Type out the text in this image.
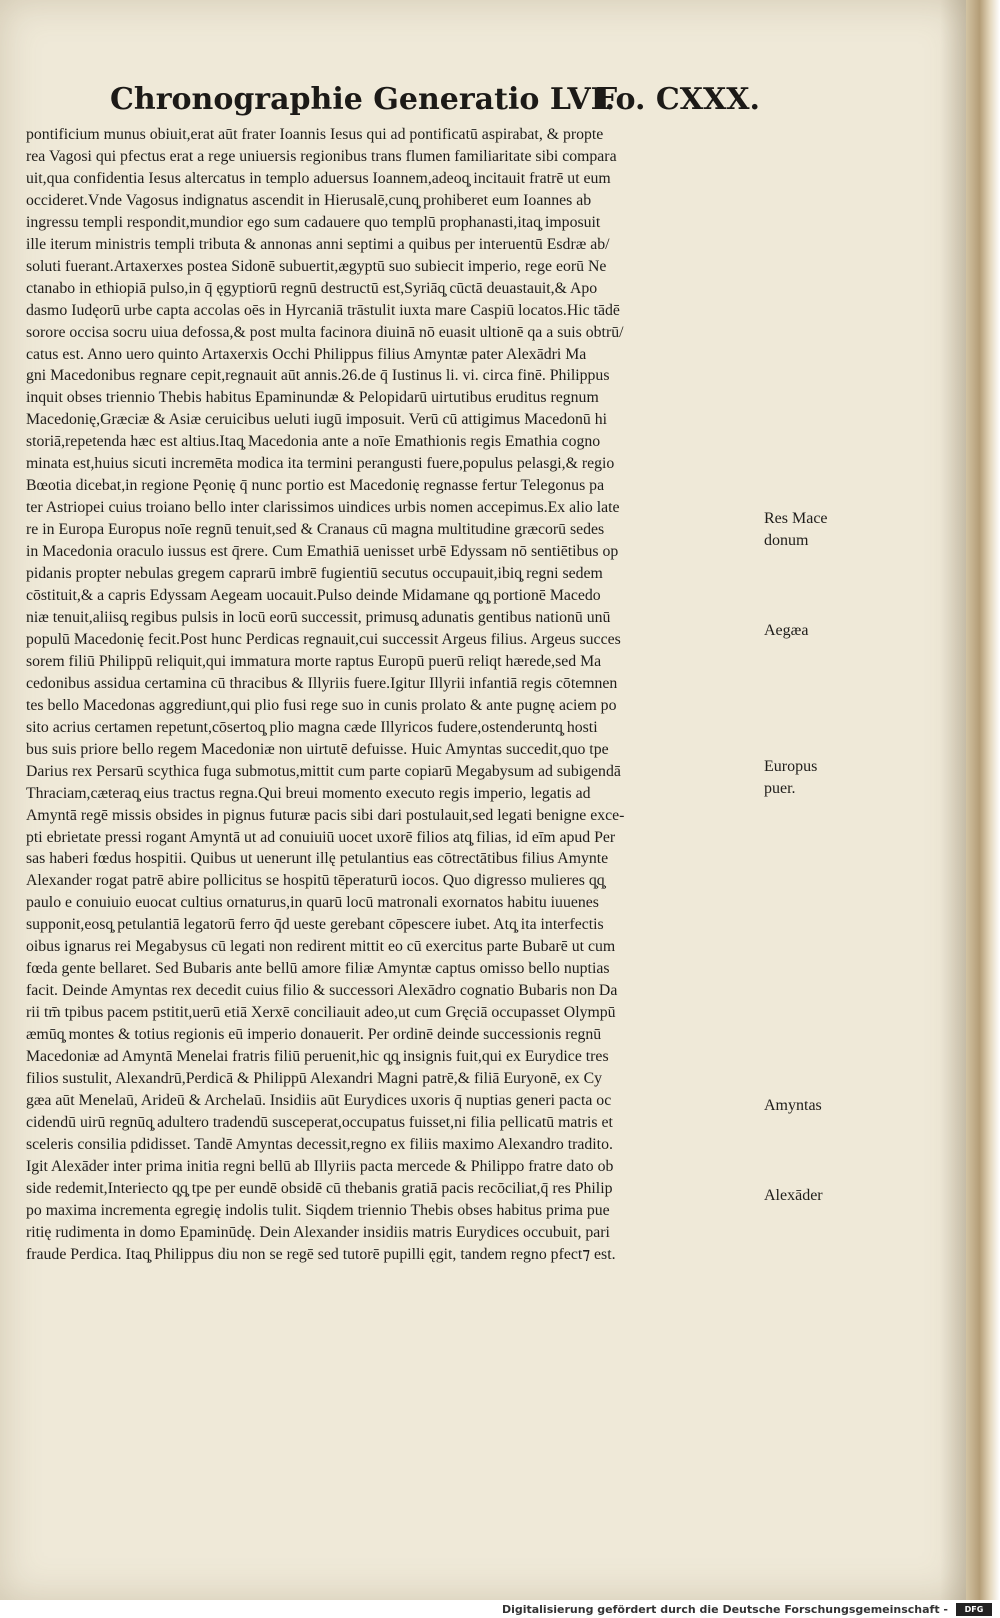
Chronographie Generatio LVI.
Fo. CXXX.
pontificium munus obiuit,erat aūt frater Ioannis Iesus qui ad pontificatū aspirabat, & propte
rea Vagosi qui pfectus erat a rege uniuersis regionibus trans flumen familiaritate sibi compara
uit,qua confidentia Iesus altercatus in templo aduersus Ioannem,adeoq̧ incitauit fratrē ut eum
occideret.Vnde Vagosus indignatus ascendit in Hierusalē,cunq̧ prohiberet eum Ioannes ab
ingressu templi respondit,mundior ego sum cadauere quo templū prophanasti,itaq̧ imposuit
ille iterum ministris templi tributa & annonas anni septimi a quibus per interuentū Esdræ ab/
soluti fuerant.Artaxerxes postea Sidonē subuertit,ægyptū suo subiecit imperio, rege eorū Ne
ctanabo in ethiopiā pulso,in q̄ ęgyptiorū regnū destructū est,Syriāq̧ cūctā deuastauit,& Apo
dasmo Iudęorū urbe capta accolas oēs in Hyrcaniā trāstulit iuxta mare Caspiū locatos.Hic tādē
sorore occisa socru uiua defossa,& post multa facinora diuinā nō euasit ultionē qa a suis obtrū/
catus est. Anno uero quinto Artaxerxis Occhi Philippus filius Amyntæ pater Alexādri Ma
gni Macedonibus regnare cepit,regnauit aūt annis.26.de q̄ Iustinus li. vi. circa finē. Philippus
inquit obses triennio Thebis habitus Epaminundæ & Pelopidarū uirtutibus eruditus regnum
Macedonię,Græciæ & Asiæ ceruicibus ueluti iugū imposuit. Verū cū attigimus Macedonū hi
storiā,repetenda hæc est altius.Itaq̧ Macedonia ante a noīe Emathionis regis Emathia cogno
minata est,huius sicuti incremēta modica ita termini perangusti fuere,populus pelasgi,& regio
Bœotia dicebat,in regione Pęonię q̄ nunc portio est Macedonię regnasse fertur Telegonus pa
ter Astriopei cuius troiano bello inter clarissimos uindices urbis nomen accepimus.Ex alio late
re in Europa Europus noīe regnū tenuit,sed & Cranaus cū magna multitudine græcorū sedes
in Macedonia oraculo iussus est q̄rere. Cum Emathiā uenisset urbē Edyssam nō sentiētibus op
pidanis propter nebulas gregem caprarū imbrē fugientiū secutus occupauit,ibiq̧ regni sedem
cōstituit,& a capris Edyssam Aegeam uocauit.Pulso deinde Midamane q̧q̧ portionē Macedo
niæ tenuit,aliisq̧ regibus pulsis in locū eorū successit, primusq̧ adunatis gentibus nationū unū
populū Macedonię fecit.Post hunc Perdicas regnauit,cui successit Argeus filius. Argeus succes
sorem filiū Philippū reliquit,qui immatura morte raptus Europū puerū reliqt hærede,sed Ma
cedonibus assidua certamina cū thracibus & Illyriis fuere.Igitur Illyrii infantiā regis cōtemnen
tes bello Macedonas aggrediunt,qui plio fusi rege suo in cunis prolato & ante pugnę aciem po
sito acrius certamen repetunt,cōsertoq̧ plio magna cæde Illyricos fudere,ostenderuntq̧ hosti
bus suis priore bello regem Macedoniæ non uirtutē defuisse. Huic Amyntas succedit,quo tpe
Darius rex Persarū scythica fuga submotus,mittit cum parte copiarū Megabysum ad subigendā
Thraciam,cæteraq̧ eius tractus regna.Qui breui momento executo regis imperio, legatis ad
Amyntā regē missis obsides in pignus futuræ pacis sibi dari postulauit,sed legati benigne exce-
pti ebrietate pressi rogant Amyntā ut ad conuiuiū uocet uxorē filios atq̧ filias, id eīm apud Per
sas haberi fœdus hospitii. Quibus ut uenerunt illę petulantius eas cōtrectātibus filius Amynte
Alexander rogat patrē abire pollicitus se hospitū tēperaturū iocos. Quo digresso mulieres q̧q̧
paulo e conuiuio euocat cultius ornaturus,in quarū locū matronali exornatos habitu iuuenes
supponit,eosq̧ petulantiā legatorū ferro q̄d ueste gerebant cōpescere iubet. Atq̧ ita interfectis
oibus ignarus rei Megabysus cū legati non redirent mittit eo cū exercitus parte Bubarē ut cum
fœda gente bellaret. Sed Bubaris ante bellū amore filiæ Amyntæ captus omisso bello nuptias
facit. Deinde Amyntas rex decedit cuius filio & successori Alexādro cognatio Bubaris non Da
rii tm̄ tpibus pacem pstitit,uerū etiā Xerxē conciliauit adeo,ut cum Gręciā occupasset Olympū
æmūq̧ montes & totius regionis eū imperio donauerit. Per ordinē deinde successionis regnū
Macedoniæ ad Amyntā Menelai fratris filiū peruenit,hic q̧q̧ insignis fuit,qui ex Eurydice tres
filios sustulit, Alexandrū,Perdicā & Philippū Alexandri Magni patrē,& filiā Euryonē, ex Cy
gæa aūt Menelaū, Arideū & Archelaū. Insidiis aūt Eurydices uxoris q̄ nuptias generi pacta oc
cidendū uirū regnūq̧ adultero tradendū susceperat,occupatus fuisset,ni filia pellicatū matris et
sceleris consilia pdidisset. Tandē Amyntas decessit,regno ex filiis maximo Alexandro tradito.
Igit Alexāder inter prima initia regni bellū ab Illyriis pacta mercede & Philippo fratre dato ob
side redemit,Interiecto q̧q̧ tpe per eundē obsidē cū thebanis gratiā pacis recōciliat,q̄ res Philip
po maxima incrementa egregię indolis tulit. Siqdem triennio Thebis obses habitus prima pue
ritię rudimenta in domo Epaminūdę. Dein Alexander insidiis matris Eurydices occubuit, pari
fraude Perdica. Itaq̧ Philippus diu non se regē sed tutorē pupilli ęgit, tandem regno pfect⁊ est.
Res Mace
donum
Aegæa
Europus
puer.
Amyntas
Alexāder
Digitalisierung gefördert durch die Deutsche Forschungsgemeinschaft -	DFG
